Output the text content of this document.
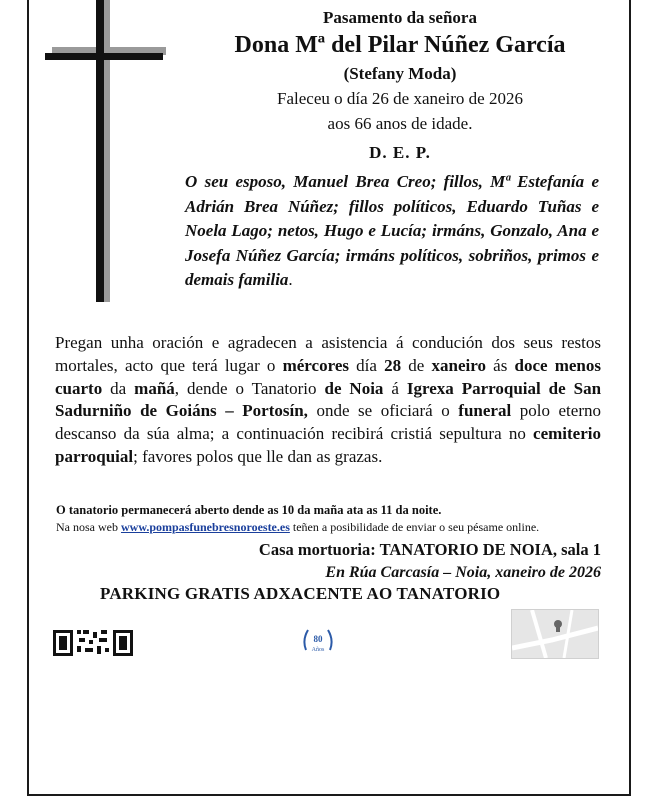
Pasamento da señora
Dona Mª del Pilar Núñez García
(Stefany Moda)
Faleceu o día 26 de xaneiro de 2026
aos 66 anos de idade.
D. E. P.
O seu esposo, Manuel Brea Creo; fillos, Mª Estefanía e Adrián Brea Núñez; fillos políticos, Eduardo Tuñas e Noela Lago; netos, Hugo e Lucía; irmáns, Gonzalo, Ana e Josefa Núñez García; irmáns políticos, sobriños, primos e demais familia.
Pregan unha oración e agradecen a asistencia á condución dos seus restos mortales, acto que terá lugar o mércores día 28 de xaneiro ás doce menos cuarto da mañá, dende o Tanatorio de Noia á Igrexa Parroquial de San Sadurniño de Goiáns – Portosín, onde se oficiará o funeral polo eterno descanso da súa alma; a continuación recibirá cristiá sepultura no cemiterio parroquial; favores polos que lle dan as grazas.
O tanatorio permanecerá aberto dende as 10 da maña ata as 11 da noite.
Na nosa web www.pompasfunebresnoroeste.es teñen a posibilidade de enviar o seu pésame online.
Casa mortuoria: TANATORIO DE NOIA, sala 1
En Rúa Carcasía – Noia, xaneiro de 2026
PARKING GRATIS ADXACENTE AO TANATORIO
80
Años
